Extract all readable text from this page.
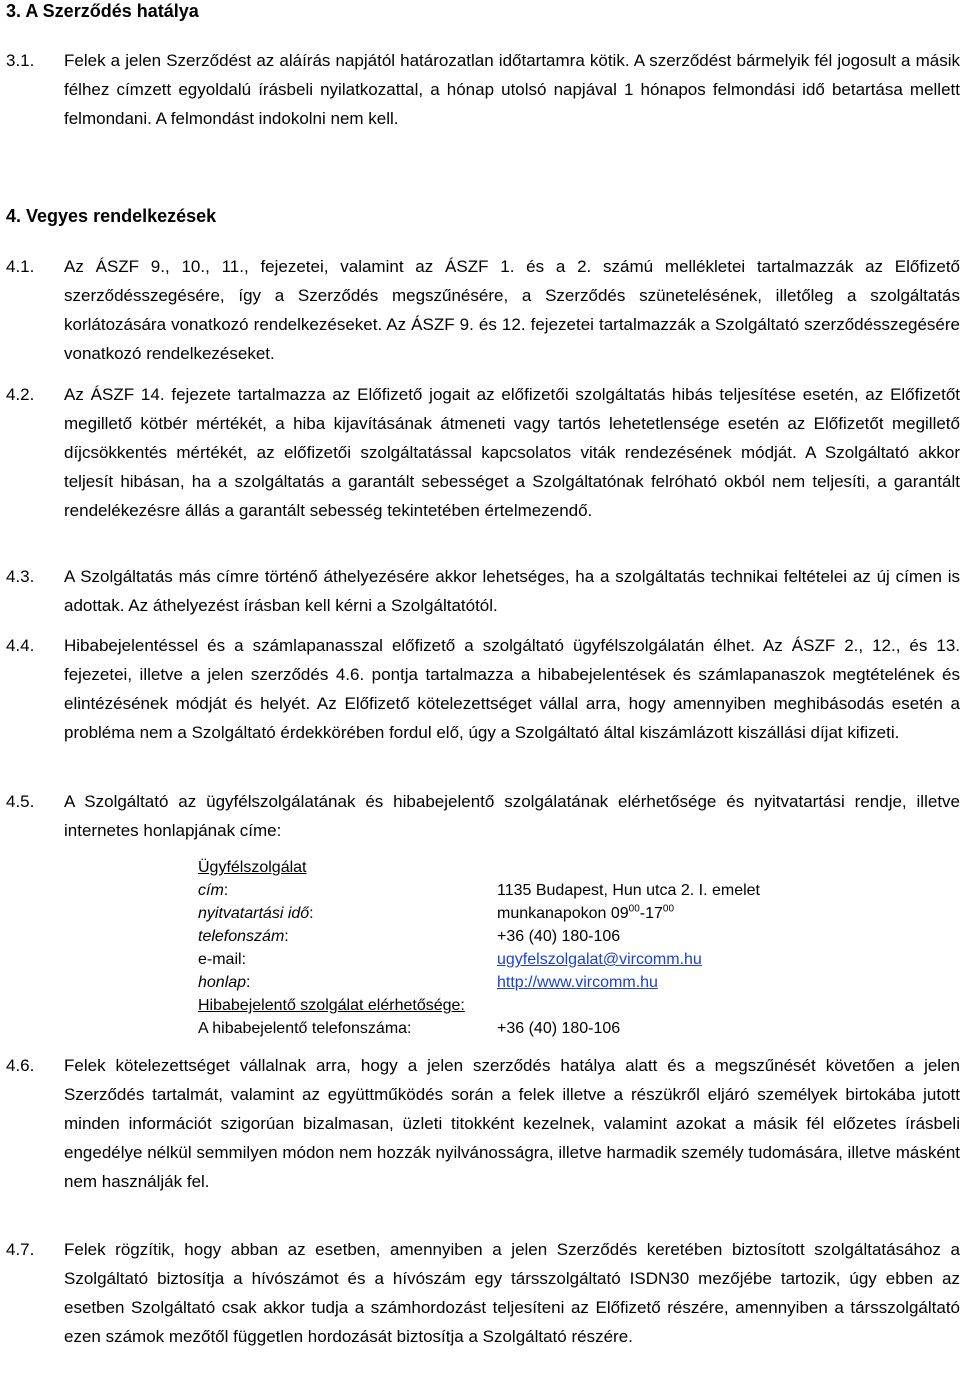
3. A Szerződés hatálya
3.1. Felek a jelen Szerződést az aláírás napjától határozatlan időtartamra kötik. A szerződést bármelyik fél jogosult a másik félhez címzett egyoldalú írásbeli nyilatkozattal, a hónap utolsó napjával 1 hónapos felmondási idő betartása mellett felmondani. A felmondást indokolni nem kell.
4. Vegyes rendelkezések
4.1. Az ÁSZF 9., 10., 11., fejezetei, valamint az ÁSZF 1. és a 2. számú mellékletei tartalmazzák az Előfizető szerződésszegésére, így a Szerződés megszűnésére, a Szerződés szünetelésének, illetőleg a szolgáltatás korlátozására vonatkozó rendelkezéseket. Az ÁSZF 9. és 12. fejezetei tartalmazzák a Szolgáltató szerződésszegésére vonatkozó rendelkezéseket.
4.2. Az ÁSZF 14. fejezete tartalmazza az Előfizető jogait az előfizetői szolgáltatás hibás teljesítése esetén, az Előfizetőt megillető kötbér mértékét, a hiba kijavításának átmeneti vagy tartós lehetetlensége esetén az Előfizetőt megillető díjcsökkentés mértékét, az előfizetői szolgáltatással kapcsolatos viták rendezésének módját. A Szolgáltató akkor teljesít hibásan, ha a szolgáltatás a garantált sebességet a Szolgáltatónak felróható okból nem teljesíti, a garantált rendelékezésre állás a garantált sebesség tekintetében értelmezendő.
4.3. A Szolgáltatás más címre történő áthelyezésére akkor lehetséges, ha a szolgáltatás technikai feltételei az új címen is adottak. Az áthelyezést írásban kell kérni a Szolgáltatótól.
4.4. Hibabejelentéssel és a számlapanasszal előfizető a szolgáltató ügyfélszolgálatán élhet. Az ÁSZF 2., 12., és 13. fejezetei, illetve a jelen szerződés 4.6. pontja tartalmazza a hibabejelentések és számlapanaszok megtételének és elintézésének módját és helyét. Az Előfizető kötelezettséget vállal arra, hogy amennyiben meghibásodás esetén a probléma nem a Szolgáltató érdekkörében fordul elő, úgy a Szolgáltató által kiszámlázott kiszállási díjat kifizeti.
4.5. A Szolgáltató az ügyfélszolgálatának és hibabejelentő szolgálatának elérhetősége és nyitvatartási rendje, illetve internetes honlapjának címe:
Ügyfélszolgálat
cím:	1135 Budapest, Hun utca 2. I. emelet
nyitvatartási idő:	munkanapokon $09^{00}-17^{00}$
telefonszám:	+36 (40) 180-106
e-mail:	ugyfelszolgalat@vircomm.hu
honlap:	http://www.vircomm.hu
Hibabejelentő szolgálat elérhetősége:
A hibabejelentő telefonszáma:	+36 (40) 180-106
4.6. Felek kötelezettséget vállalnak arra, hogy a jelen szerződés hatálya alatt és a megszűnését követően a jelen Szerződés tartalmát, valamint az együttműködés során a felek illetve a részükről eljáró személyek birtokába jutott minden információt szigorúan bizalmasan, üzleti titokként kezelnek, valamint azokat a másik fél előzetes írásbeli engedélye nélkül semmilyen módon nem hozzák nyilvánosságra, illetve harmadik személy tudomására, illetve másként nem használják fel.
4.7. Felek rögzítik, hogy abban az esetben, amennyiben a jelen Szerződés keretében biztosított szolgáltatásához a Szolgáltató biztosítja a hívószámot és a hívószám egy társszolgáltató ISDN30 mezőjébe tartozik, úgy ebben az esetben Szolgáltató csak akkor tudja a számhordozást teljesíteni az Előfizető részére, amennyiben a társszolgáltató ezen számok mezőtől független hordozását biztosítja a Szolgáltató részére.
